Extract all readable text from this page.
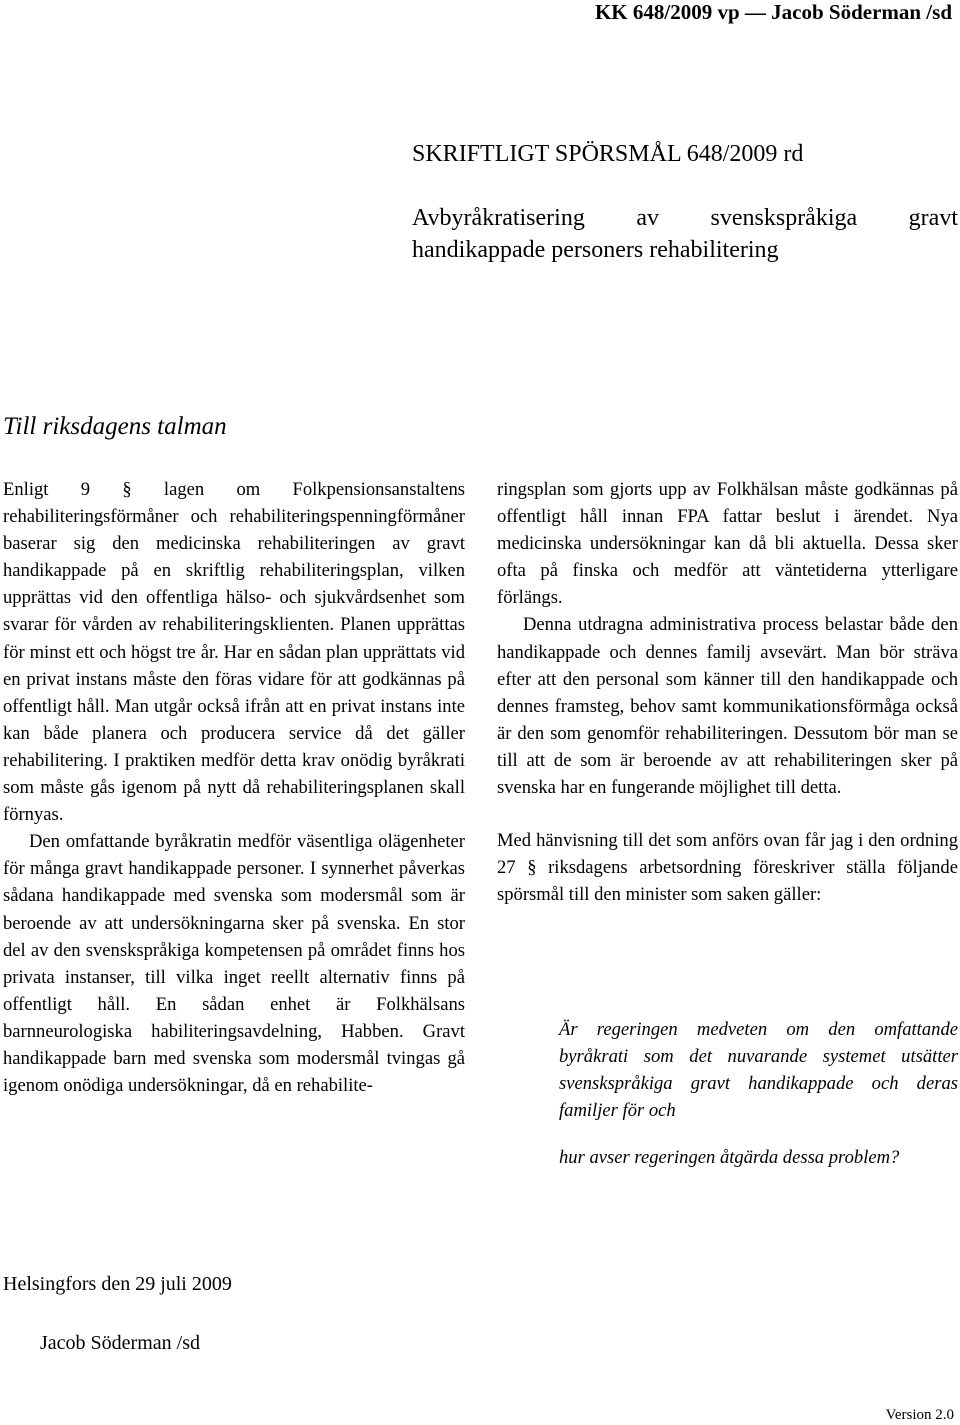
KK 648/2009 vp — Jacob Söderman /sd
SKRIFTLIGT SPÖRSMÅL 648/2009 rd
Avbyråkratisering av svenskspråkiga gravt
handikappade personers rehabilitering
Till riksdagens talman

Enligt 9 § lagen om Folkpensionsanstaltens rehabiliteringsförmåner och rehabiliteringspenningförmåner baserar sig den medicinska rehabiliteringen av gravt handikappade på en skriftlig rehabiliteringsplan, vilken upprättas vid den offentliga hälso- och sjukvårdsenhet som svarar för vården av rehabiliteringsklienten. Planen upprättas för minst ett och högst tre år. Har en sådan plan upprättats vid en privat instans måste den föras vidare för att godkännas på offentligt håll. Man utgår också ifrån att en privat instans inte kan både planera och producera service då det gäller rehabilitering. I praktiken medför detta krav onödig byråkrati som måste gås igenom på nytt då rehabiliteringsplanen skall förnyas.

Den omfattande byråkratin medför väsentliga olägenheter för många gravt handikappade personer. I synnerhet påverkas sådana handikappade med svenska som modersmål som är beroende av att undersökningarna sker på svenska. En stor del av den svenskspråkiga kompetensen på området finns hos privata instanser, till vilka inget reellt alternativ finns på offentligt håll. En sådan enhet är Folkhälsans barnneurologiska habiliteringsavdelning, Habben. Gravt handikappade barn med svenska som modersmål tvingas gå igenom onödiga undersökningar, då en rehabilite-

ringsplan som gjorts upp av Folkhälsan måste godkännas på offentligt håll innan FPA fattar beslut i ärendet. Nya medicinska undersökningar kan då bli aktuella. Dessa sker ofta på finska och medför att väntetiderna ytterligare förlängs.

Denna utdragna administrativa process belastar både den handikappade och dennes familj avsevärt. Man bör sträva efter att den personal som känner till den handikappade och dennes framsteg, behov samt kommunikationsförmåga också är den som genomför rehabiliteringen. Dessutom bör man se till att de som är beroende av att rehabiliteringen sker på svenska har en fungerande möjlighet till detta.

Med hänvisning till det som anförs ovan får jag i den ordning 27 § riksdagens arbetsordning föreskriver ställa följande spörsmål till den minister som saken gäller:

Är regeringen medveten om den omfattande byråkrati som det nuvarande systemet utsätter svenskspråkiga gravt handikappade och deras familjer för och
hur avser regeringen åtgärda dessa problem?
Helsingfors den 29 juli 2009
Jacob Söderman /sd
Version 2.0
